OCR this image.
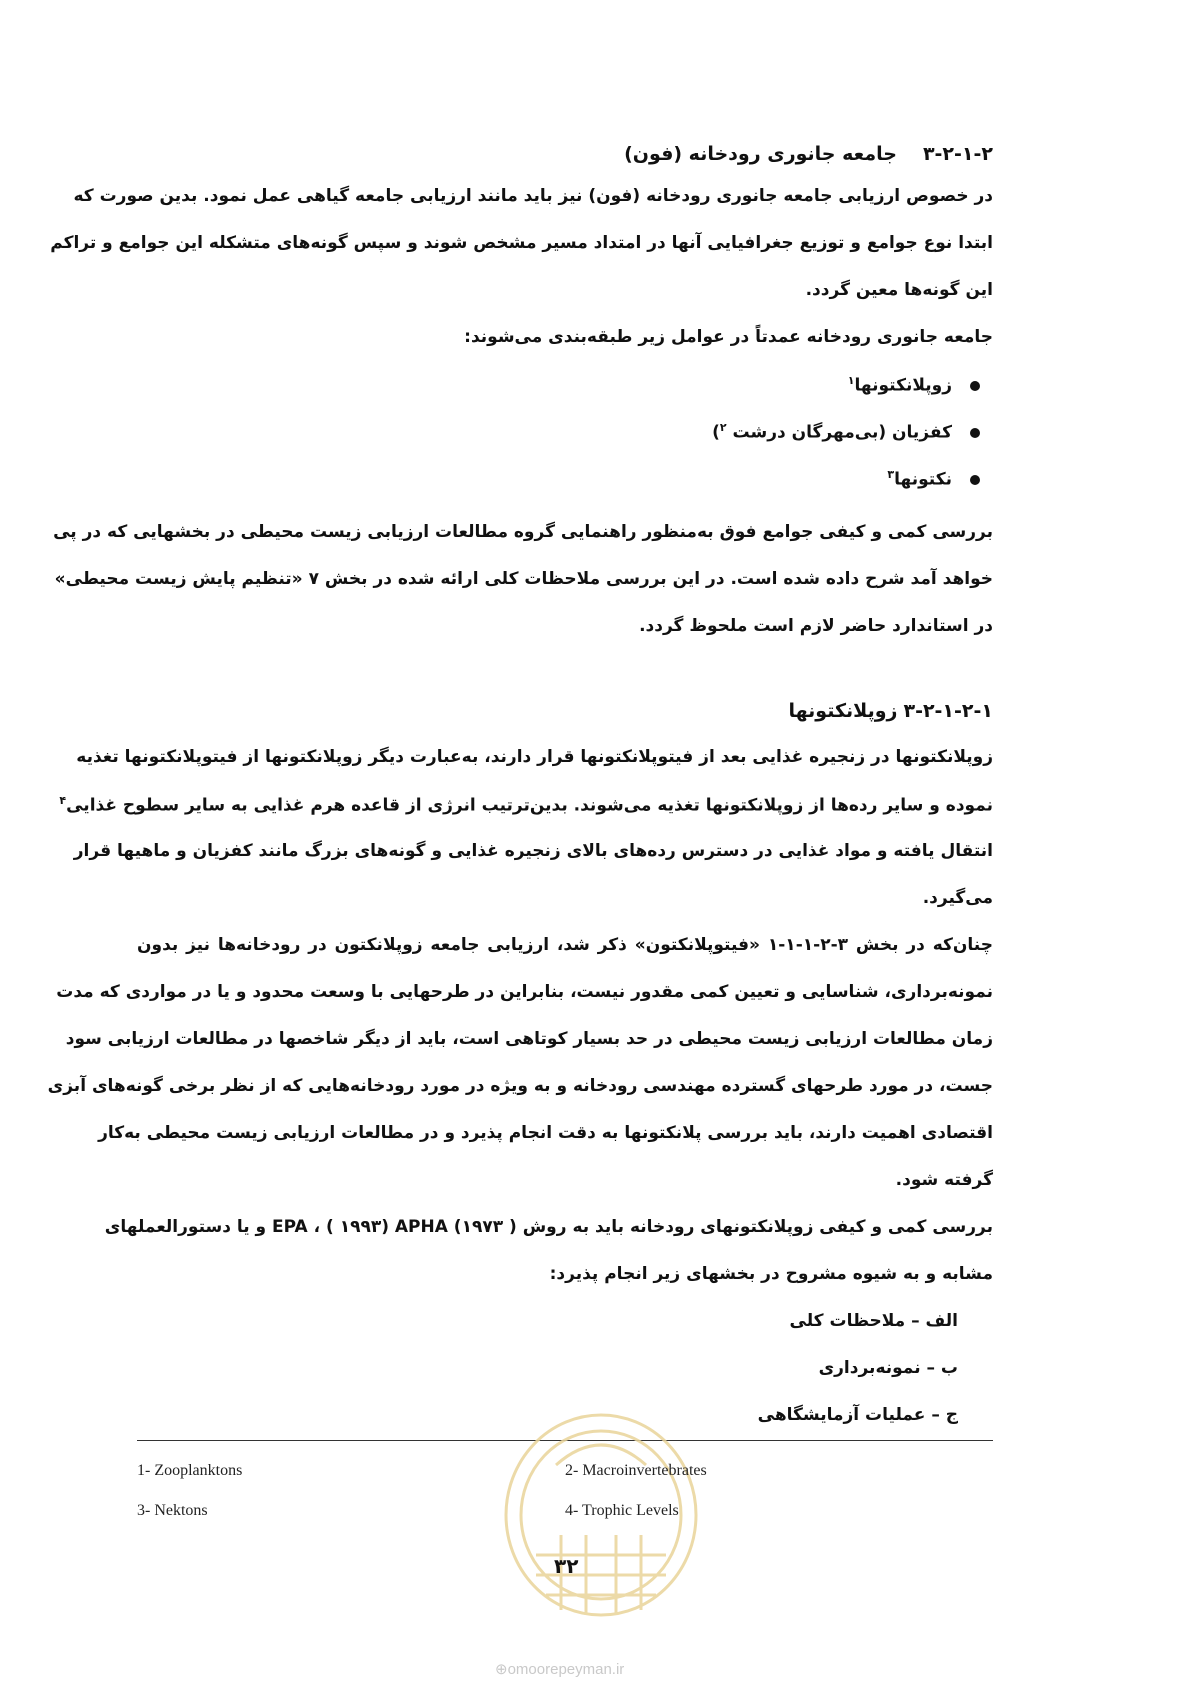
۳-۲-۱-۲جامعه جانوری رودخانه (فون)
در خصوص ارزیابی جامعه جانوری رودخانه (فون) نیز باید مانند ارزیابی جامعه گیاهی عمل نمود. بدین صورت که
ابتدا نوع جوامع و توزیع جغرافیایی آنها در امتداد مسیر مشخص شوند و سپس گونه‌های متشکله این جوامع و تراکم
این گونه‌ها معین گردد.
جامعه جانوری رودخانه عمدتاً در عوامل زیر طبقه‌بندی می‌شوند:
زوپلانکتونها$^۱$
کفزیان (بی‌مهرگان درشت $^۲$)
نکتونها$^۳$
بررسی کمی و کیفی جوامع فوق به‌منظور راهنمایی گروه مطالعات ارزیابی زیست محیطی در بخشهایی که در پی
خواهد آمد شرح داده شده است. در این بررسی ملاحظات کلی ارائه شده در بخش ۷ «تنظیم پایش زیست محیطی»
در استاندارد حاضر لازم است ملحوظ گردد.
۳-۲-۱-۲-۱زوپلانکتونها
زوپلانکتونها در زنجیره غذایی بعد از فیتوپلانکتونها قرار دارند، به‌عبارت دیگر زوپلانکتونها از فیتوپلانکتونها تغذیه
نموده و سایر رده‌ها از زوپلانکتونها تغذیه می‌شوند. بدین‌ترتیب انرژی از قاعده هرم غذایی به سایر سطوح غذایی$^۴$
انتقال یافته و مواد غذایی در دسترس رده‌های بالای زنجیره غذایی و گونه‌های بزرگ مانند کفزیان و ماهیها قرار
می‌گیرد.
چنان‌که در بخش ۳-۲-۱-۱-۱ «فیتوپلانکتون» ذکر شد، ارزیابی جامعه زوپلانکتون در رودخانه‌ها نیز بدون
نمونه‌برداری، شناسایی و تعیین کمی مقدور نیست، بنابراین در طرحهایی با وسعت محدود و یا در مواردی که مدت
زمان مطالعات ارزیابی زیست محیطی در حد بسیار کوتاهی است، باید از دیگر شاخصها در مطالعات ارزیابی سود
جست، در مورد طرحهای گسترده مهندسی رودخانه و به ویژه در مورد رودخانه‌هایی که از نظر برخی گونه‌های آبزی
اقتصادی اهمیت دارند، باید بررسی پلانکتونها به دقت انجام پذیرد و در مطالعات ارزیابی زیست محیطی به‌کار
گرفته شود.
بررسی کمی و کیفی زوپلانکتونهای رودخانه باید به روش ( ۱۹۷۳) EPA ، ( ۱۹۹۳) APHA و یا دستورالعملهای
مشابه و به شیوه مشروح در بخشهای زیر انجام پذیرد:
الف – ملاحظات کلی
ب – نمونه‌برداری
ج – عملیات آزمایشگاهی
1- Zooplanktons	2- Macroinvertebrates
3- Nektons	4- Trophic Levels
۳۲
⊕omoorepeyman.ir
